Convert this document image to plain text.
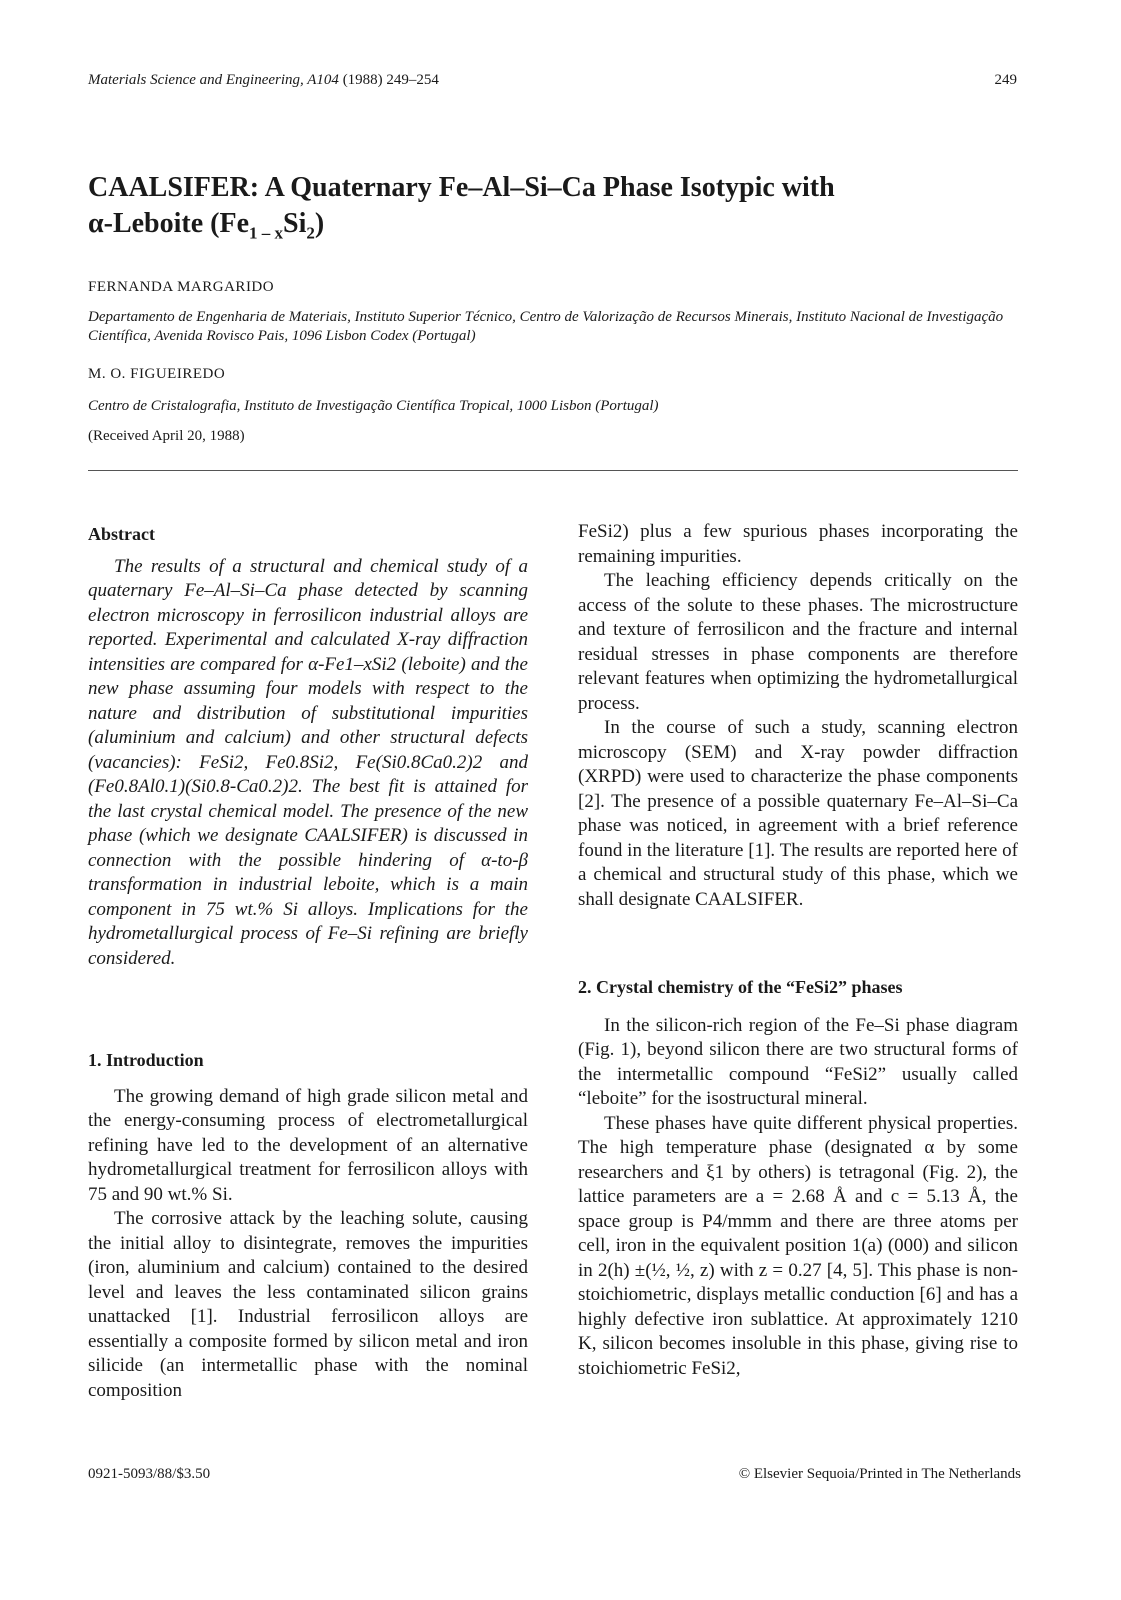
Materials Science and Engineering, A104 (1988) 249–254	249
CAALSIFER: A Quaternary Fe–Al–Si–Ca Phase Isotypic with
α-Leboite $(Fe_{1 - x}Si_2)$
FERNANDA MARGARIDO
Departamento de Engenharia de Materiais, Instituto Superior Técnico, Centro de Valorização de Recursos Minerais, Instituto Nacional de Investigação Científica, Avenida Rovisco Pais, 1096 Lisbon Codex (Portugal)
M. O. FIGUEIREDO
Centro de Cristalografia, Instituto de Investigação Científica Tropical, 1000 Lisbon (Portugal)
(Received April 20, 1988)
Abstract

The results of a structural and chemical study of a quaternary Fe–Al–Si–Ca phase detected by scanning electron microscopy in ferrosilicon industrial alloys are reported. Experimental and calculated X-ray diffraction intensities are compared for α-Fe1–xSi2 (leboite) and the new phase assuming four models with respect to the nature and distribution of substitutional impurities (aluminium and calcium) and other structural defects (vacancies): FeSi2, Fe0.8Si2, Fe(Si0.8Ca0.2)2 and (Fe0.8Al0.1)(Si0.8-Ca0.2)2. The best fit is attained for the last crystal chemical model. The presence of the new phase (which we designate CAALSIFER) is discussed in connection with the possible hindering of α-to-β transformation in industrial leboite, which is a main component in 75 wt.% Si alloys. Implications for the hydrometallurgical process of Fe–Si refining are briefly considered.

1. Introduction

The growing demand of high grade silicon metal and the energy-consuming process of electrometallurgical refining have led to the development of an alternative hydrometallurgical treatment for ferrosilicon alloys with 75 and 90 wt.% Si.

The corrosive attack by the leaching solute, causing the initial alloy to disintegrate, removes the impurities (iron, aluminium and calcium) contained to the desired level and leaves the less contaminated silicon grains unattacked [1]. Industrial ferrosilicon alloys are essentially a composite formed by silicon metal and iron silicide (an intermetallic phase with the nominal composition

FeSi2) plus a few spurious phases incorporating the remaining impurities.

The leaching efficiency depends critically on the access of the solute to these phases. The microstructure and texture of ferrosilicon and the fracture and internal residual stresses in phase components are therefore relevant features when optimizing the hydrometallurgical process.

In the course of such a study, scanning electron microscopy (SEM) and X-ray powder diffraction (XRPD) were used to characterize the phase components [2]. The presence of a possible quaternary Fe–Al–Si–Ca phase was noticed, in agreement with a brief reference found in the literature [1]. The results are reported here of a chemical and structural study of this phase, which we shall designate CAALSIFER.

2. Crystal chemistry of the “FeSi2” phases

In the silicon-rich region of the Fe–Si phase diagram (Fig. 1), beyond silicon there are two structural forms of the intermetallic compound “FeSi2” usually called “leboite” for the isostructural mineral.

These phases have quite different physical properties. The high temperature phase (designated α by some researchers and ξ1 by others) is tetragonal (Fig. 2), the lattice parameters are a = 2.68 Å and c = 5.13 Å, the space group is P4/mmm and there are three atoms per cell, iron in the equivalent position 1(a) (000) and silicon in 2(h) ±(½, ½, z) with z = 0.27 [4, 5]. This phase is non-stoichiometric, displays metallic conduction [6] and has a highly defective iron sublattice. At approximately 1210 K, silicon becomes insoluble in this phase, giving rise to stoichiometric FeSi2,

0921-5093/88/$3.50	© Elsevier Sequoia/Printed in The Netherlands
